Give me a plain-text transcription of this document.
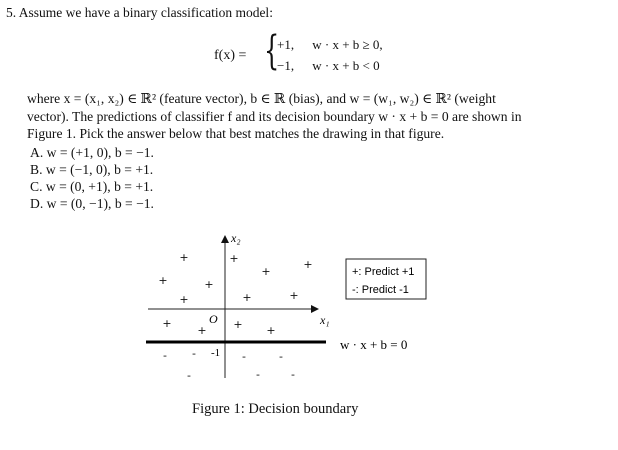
5. Assume we have a binary classification model:
f(x) = {
+1, w · x + b ≥ 0,
−1, w · x + b < 0
where x = (x₁, x₂) ∈ ℝ² (feature vector), b ∈ ℝ (bias), and w = (w₁, w₂) ∈ ℝ² (weight
vector). The predictions of classifier f and its decision boundary w · x + b = 0 are shown in
Figure 1. Pick the answer below that best matches the drawing in that figure.
A. w = (+1, 0), b = −1.
B. w = (−1, 0), b = +1.
C. w = (0, +1), b = +1.
D. w = (0, −1), b = −1.
x₂
x₁
O
-1
+	+	+
+
+	+
+
+	+
+	+
+	+
- -	-	-
-	-	-
+: Predict +1
-: Predict -1
w · x + b = 0
Figure 1: Decision boundary
